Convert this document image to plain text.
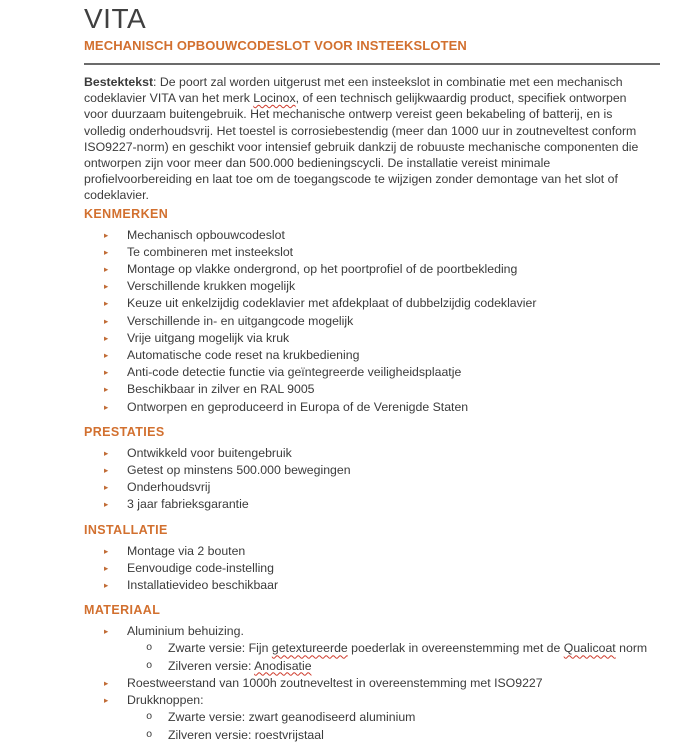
VITA
MECHANISCH OPBOUWCODESLOT VOOR INSTEEKSLOTEN

Bestektekst: De poort zal worden uitgerust met een insteekslot in combinatie met een mechanisch codeklavier VITA van het merk Locinox, of een technisch gelijkwaardig product, specifiek ontworpen voor duurzaam buitengebruik. Het mechanische ontwerp vereist geen bekabeling of batterij, en is volledig onderhoudsvrij. Het toestel is corrosiebestendig (meer dan 1000 uur in zoutneveltest conform ISO9227-norm) en geschikt voor intensief gebruik dankzij de robuuste mechanische componenten die ontworpen zijn voor meer dan 500.000 bedieningscycli. De installatie vereist minimale profielvoorbereiding en laat toe om de toegangscode te wijzigen zonder demontage van het slot of codeklavier.

KENMERKEN
▸ Mechanisch opbouwcodeslot
▸ Te combineren met insteekslot
▸ Montage op vlakke ondergrond, op het poortprofiel of de poortbekleding
▸ Verschillende krukken mogelijk
▸ Keuze uit enkelzijdig codeklavier met afdekplaat of dubbelzijdig codeklavier
▸ Verschillende in- en uitgangcode mogelijk
▸ Vrije uitgang mogelijk via kruk
▸ Automatische code reset na krukbediening
▸ Anti-code detectie functie via geïntegreerde veiligheidsplaatje
▸ Beschikbaar in zilver en RAL 9005
▸ Ontworpen en geproduceerd in Europa of de Verenigde Staten
PRESTATIES
▸ Ontwikkeld voor buitengebruik
▸ Getest op minstens 500.000 bewegingen
▸ Onderhoudsvrij
▸ 3 jaar fabrieksgarantie
INSTALLATIE
▸ Montage via 2 bouten
▸ Eenvoudige code-instelling
▸ Installatievideo beschikbaar
MATERIAAL
▸ Aluminium behuizing.
o Zwarte versie: Fijn getextureerde poederlak in overeenstemming met de Qualicoat norm
o Zilveren versie: Anodisatie
▸ Roestweerstand van 1000h zoutneveltest in overeenstemming met ISO9227
▸ Drukknoppen:
o Zwarte versie: zwart geanodiseerd aluminium
o Zilveren versie: roestvrijstaal
